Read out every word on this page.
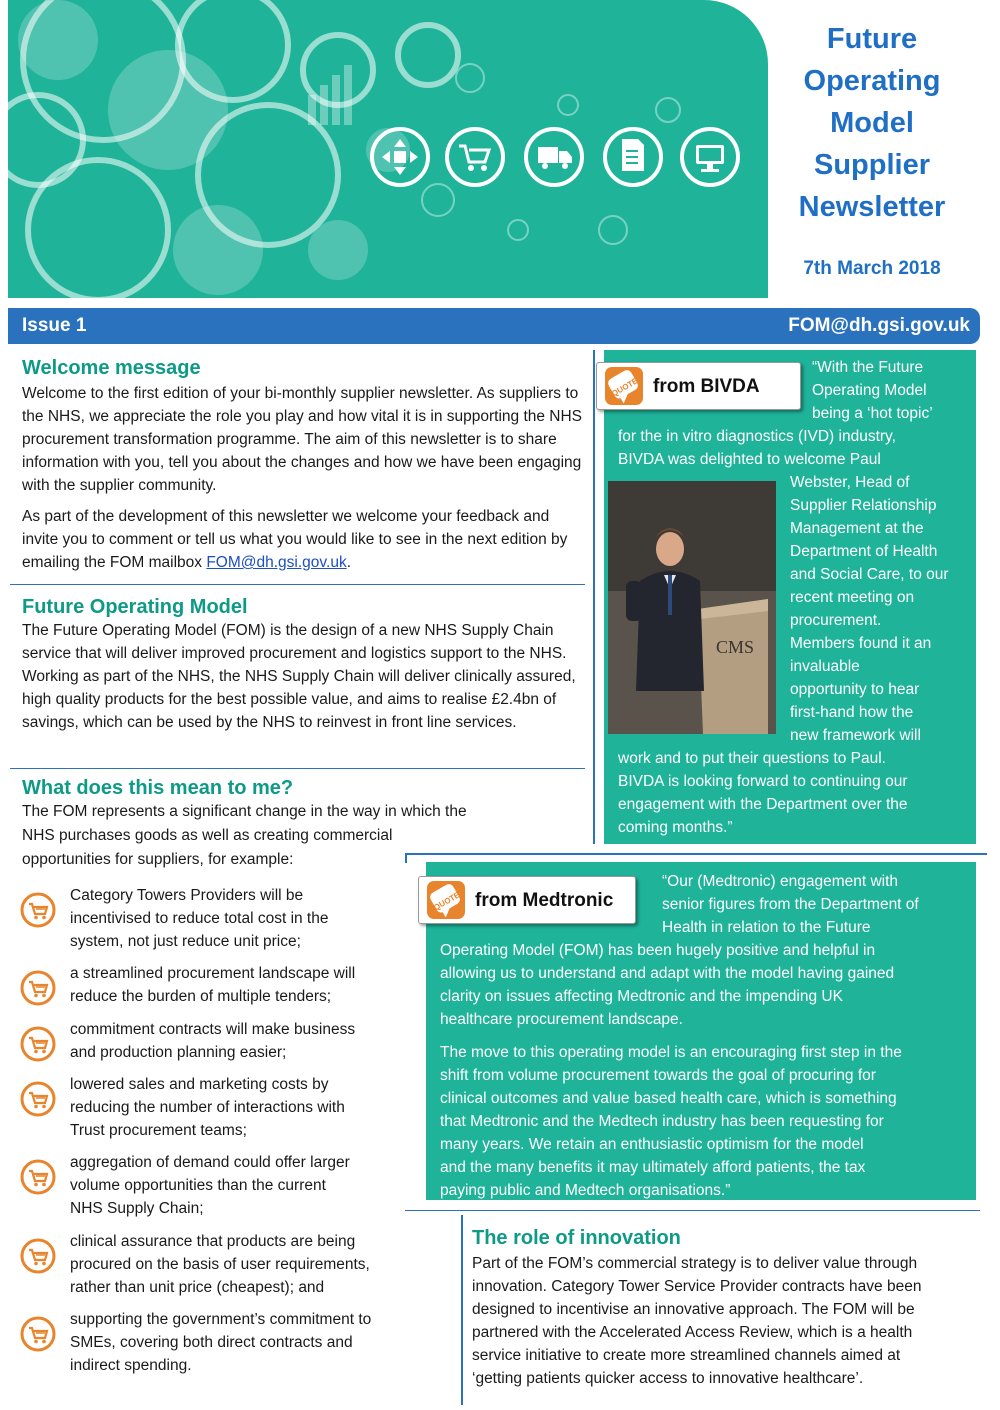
Future
Operating
Model
Supplier
Newsletter
7th March 2018
Issue 1	FOM@dh.gsi.gov.uk
Welcome message

Welcome to the first edition of your bi-monthly supplier newsletter. As suppliers to the NHS, we appreciate the role you play and how vital it is in supporting the NHS procurement transformation programme. The aim of this newsletter is to share information with you, tell you about the changes and how we have been engaging with the supplier community.

As part of the development of this newsletter we welcome your feedback and invite you to comment or tell us what you would like to see in the next edition by emailing the FOM mailbox FOM@dh.gsi.gov.uk.

Future Operating Model

The Future Operating Model (FOM) is the design of a new NHS Supply Chain service that will deliver improved procurement and logistics support to the NHS. Working as part of the NHS, the NHS Supply Chain will deliver clinically assured, high quality products for the best possible value, and aims to realise £2.4bn of savings, which can be used by the NHS to reinvest in front line services.

What does this mean to me?

The FOM represents a significant change in the way in which the

NHS purchases goods as well as creating commercial

opportunities for suppliers, for example:

Category Towers Providers will be

incentivised to reduce total cost in the

system, not just reduce unit price;

a streamlined procurement landscape will

reduce the burden of multiple tenders;

commitment contracts will make business

and production planning easier;

lowered sales and marketing costs by

reducing the number of interactions with

Trust procurement teams;

aggregation of demand could offer larger

volume opportunities than the current

NHS Supply Chain;

clinical assurance that products are being

procured on the basis of user requirements,

rather than unit price (cheapest); and

supporting the government’s commitment to

SMEs, covering both direct contracts and

indirect spending.

QUOTE from BIVDA

“With the Future

Operating Model

being a ‘hot topic’

for the in vitro diagnostics (IVD) industry,

BIVDA was delighted to welcome Paul

CMS

Webster, Head of

Supplier Relationship

Management at the

Department of Health

and Social Care, to our

recent meeting on

procurement.

Members found it an

invaluable

opportunity to hear

first-hand how the

new framework will

work and to put their questions to Paul.

BIVDA is looking forward to continuing our

engagement with the Department over the

coming months.”

QUOTE from Medtronic

“Our (Medtronic) engagement with

senior figures from the Department of

Health in relation to the Future

Operating Model (FOM) has been hugely positive and helpful in

allowing us to understand and adapt with the model having gained

clarity on issues affecting Medtronic and the impending UK

healthcare procurement landscape.

The move to this operating model is an encouraging first step in the

shift from volume procurement towards the goal of procuring for

clinical outcomes and value based health care, which is something

that Medtronic and the Medtech industry has been requesting for

many years. We retain an enthusiastic optimism for the model

and the many benefits it may ultimately afford patients, the tax

paying public and Medtech organisations.”

The role of innovation

Part of the FOM’s commercial strategy is to deliver value through

innovation. Category Tower Service Provider contracts have been

designed to incentivise an innovative approach. The FOM will be

partnered with the Accelerated Access Review, which is a health

service initiative to create more streamlined channels aimed at

‘getting patients quicker access to innovative healthcare’.
